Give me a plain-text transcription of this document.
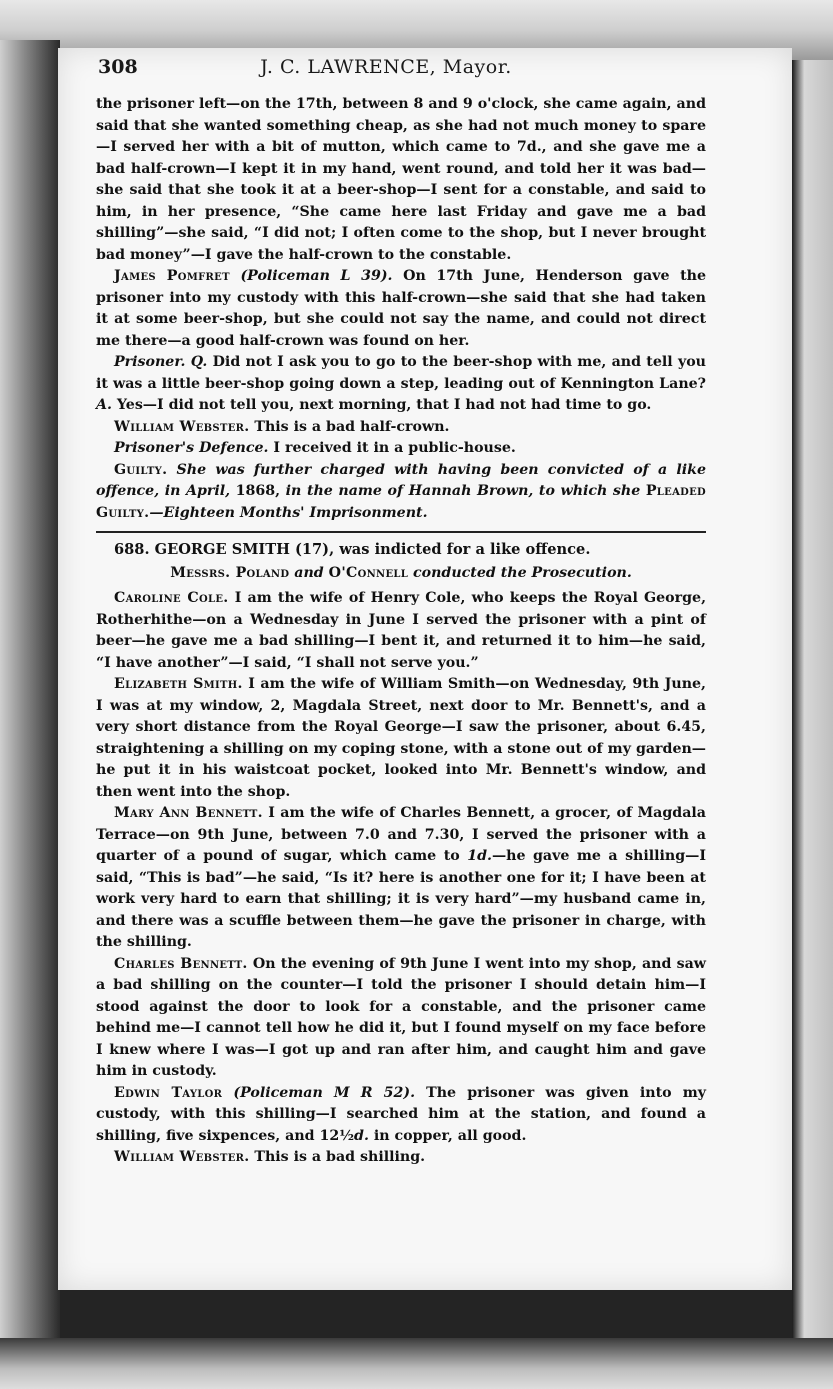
308	J. C. LAWRENCE, Mayor.

the prisoner left—on the 17th, between 8 and 9 o'clock, she came again, and said that she wanted something cheap, as she had not much money to spare—I served her with a bit of mutton, which came to 7d., and she gave me a bad half-crown—I kept it in my hand, went round, and told her it was bad—she said that she took it at a beer-shop—I sent for a constable, and said to him, in her presence, “She came here last Friday and gave me a bad shilling”—she said, “I did not; I often come to the shop, but I never brought bad money”—I gave the half-crown to the constable.

James Pomfret (Policeman L 39). On 17th June, Henderson gave the prisoner into my custody with this half-crown—she said that she had taken it at some beer-shop, but she could not say the name, and could not direct me there—a good half-crown was found on her.

Prisoner. Q. Did not I ask you to go to the beer-shop with me, and tell you it was a little beer-shop going down a step, leading out of Kennington Lane? A. Yes—I did not tell you, next morning, that I had not had time to go.

William Webster. This is a bad half-crown.

Prisoner's Defence. I received it in a public-house.

Guilty. She was further charged with having been convicted of a like offence, in April, 1868, in the name of Hannah Brown, to which she Pleaded Guilty.—Eighteen Months' Imprisonment.

688. GEORGE SMITH (17), was indicted for a like offence.

Messrs. Poland and O'Connell conducted the Prosecution.

Caroline Cole. I am the wife of Henry Cole, who keeps the Royal George, Rotherhithe—on a Wednesday in June I served the prisoner with a pint of beer—he gave me a bad shilling—I bent it, and returned it to him—he said, “I have another”—I said, “I shall not serve you.”

Elizabeth Smith. I am the wife of William Smith—on Wednesday, 9th June, I was at my window, 2, Magdala Street, next door to Mr. Bennett's, and a very short distance from the Royal George—I saw the prisoner, about 6.45, straightening a shilling on my coping stone, with a stone out of my garden—he put it in his waistcoat pocket, looked into Mr. Bennett's window, and then went into the shop.

Mary Ann Bennett. I am the wife of Charles Bennett, a grocer, of Magdala Terrace—on 9th June, between 7.0 and 7.30, I served the prisoner with a quarter of a pound of sugar, which came to 1d.—he gave me a shilling—I said, “This is bad”—he said, “Is it? here is another one for it; I have been at work very hard to earn that shilling; it is very hard”—my husband came in, and there was a scuffle between them—he gave the prisoner in charge, with the shilling.

Charles Bennett. On the evening of 9th June I went into my shop, and saw a bad shilling on the counter—I told the prisoner I should detain him—I stood against the door to look for a constable, and the prisoner came behind me—I cannot tell how he did it, but I found myself on my face before I knew where I was—I got up and ran after him, and caught him and gave him in custody.

Edwin Taylor (Policeman M R 52). The prisoner was given into my custody, with this shilling—I searched him at the station, and found a shilling, five sixpences, and 12½d. in copper, all good.

William Webster. This is a bad shilling.
